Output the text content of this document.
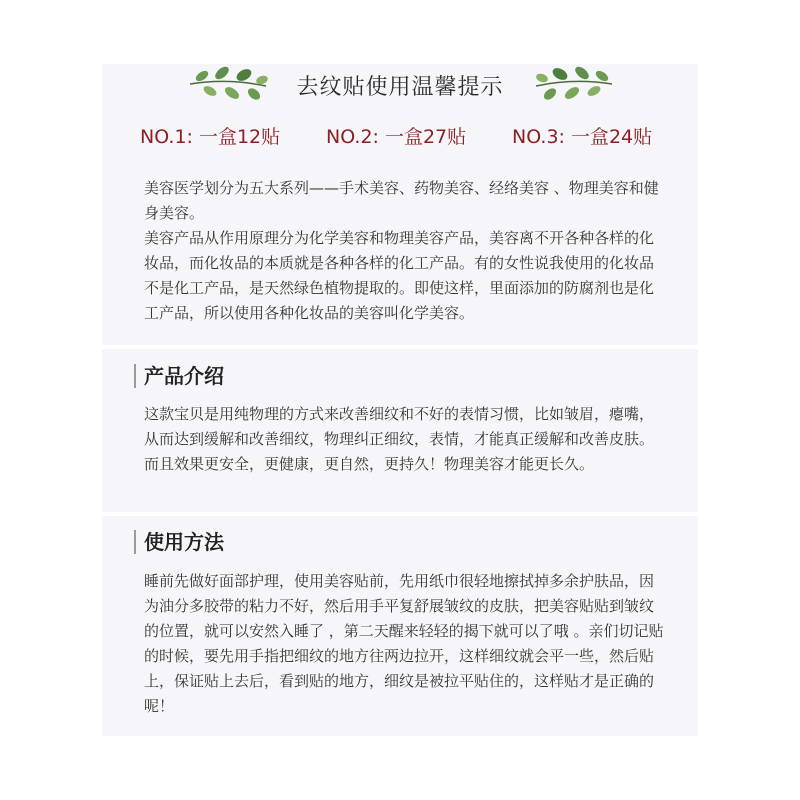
去纹贴使用温馨提示
NO.1: 一盒12贴 NO.2: 一盒27贴 NO.3: 一盒24贴
美容医学划分为五大系列——手术美容、药物美容、经络美容 、物理美容和健身美容。
美容产品从作用原理分为化学美容和物理美容产品，美容离不开各种各样的化妆品，而化妆品的本质就是各种各样的化工产品。有的女性说我使用的化妆品不是化工产品，是天然绿色植物提取的。即使这样，里面添加的防腐剂也是化工产品，所以使用各种化妆品的美容叫化学美容。
产品介绍
这款宝贝是用纯物理的方式来改善细纹和不好的表情习惯，比如皱眉，瘪嘴，从而达到缓解和改善细纹，物理纠正细纹，表情，才能真正缓解和改善皮肤。而且效果更安全，更健康，更自然，更持久！物理美容才能更长久。
使用方法
睡前先做好面部护理，使用美容贴前，先用纸巾很轻地擦拭掉多余护肤品，因为油分多胶带的粘力不好，然后用手平复舒展皱纹的皮肤，把美容贴贴到皱纹的位置，就可以安然入睡了 ，第二天醒来轻轻的揭下就可以了哦 。亲们切记贴的时候，要先用手指把细纹的地方往两边拉开，这样细纹就会平一些，然后贴上，保证贴上去后，看到贴的地方，细纹是被拉平贴住的，这样贴才是正确的呢！
